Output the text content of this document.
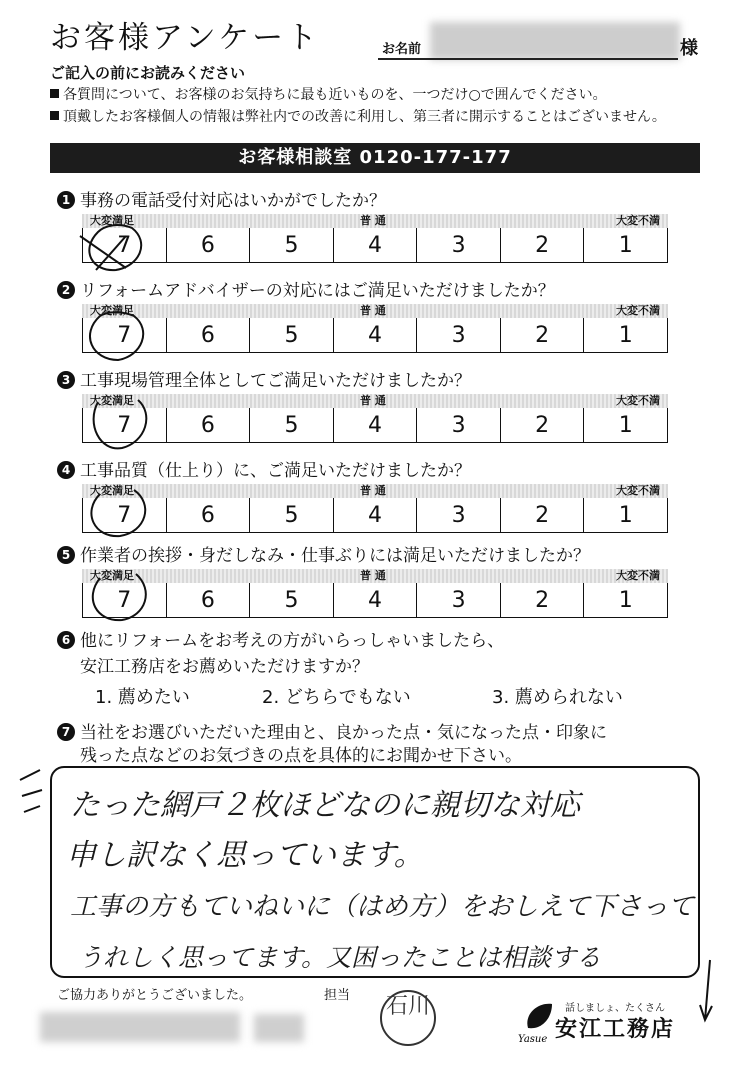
お客様アンケート	お名前	様
ご記入の前にお読みください
各質問について、お客様のお気持ちに最も近いものを、一つだけ○で囲んでください。
頂戴したお客様個人の情報は弊社内での改善に利用し、第三者に開示することはございません。
お客様相談室 0120-177-177
1 事務の電話受付対応はいかがでしたか？
大変満足	普 通	大変不満
7	6	5	4	3	2	1
2 リフォームアドバイザーの対応にはご満足いただけましたか？
大変満足	普 通	大変不満
7	6	5	4	3	2	1
3 工事現場管理全体としてご満足いただけましたか？
大変満足	普 通	大変不満
7	6	5	4	3	2	1
4 工事品質（仕上り）に、ご満足いただけましたか？
大変満足	普 通	大変不満
7	6	5	4	3	2	1
5 作業者の挨拶・身だしなみ・仕事ぶりには満足いただけましたか？
大変満足	普 通	大変不満
7	6	5	4	3	2	1
6 他にリフォームをお考えの方がいらっしゃいましたら、
安江工務店をお薦めいただけますか？
1. 薦めたい	2. どちらでもない	3. 薦められない
7 当社をお選びいただいた理由と、良かった点・気になった点・印象に
残った点などのお気づきの点を具体的にお聞かせ下さい。
たった網戸２枚ほどなのに親切な対応
申し訳なく思っています。
工事の方もていねいに（はめ方）をおしえて下さって
うれしく思ってます。又困ったことは相談する
ご協力ありがとうございました。	担当 石川
Yasue
話しましょ、たくさん
安江工務店
